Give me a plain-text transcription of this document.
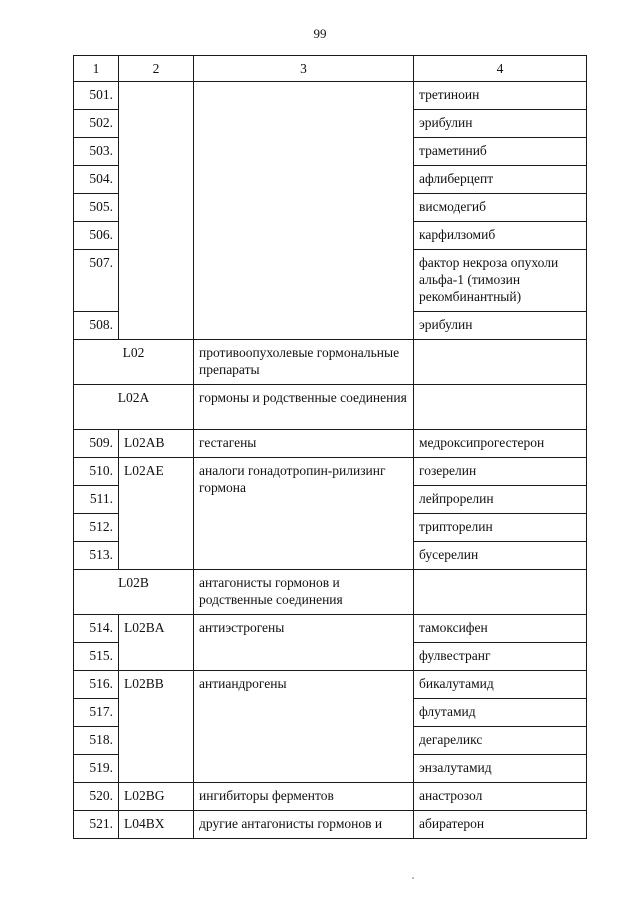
99
1	2	3	4
501.			третиноин
502.			эрибулин
503.			траметиниб
504.			афлиберцепт
505.			висмодегиб
506.			карфилзомиб
507.			фактор некроза опухоли альфа-1 (тимозин рекомбинантный)
508.			эрибулин
L02		противоопухолевые гормональные препараты	
L02A		гормоны и родственные соединения	
509.	L02AB	гестагены	медроксипрогестерон
510.	L02AE	аналоги гонадотропин-рилизинг гормона	гозерелин
511.			лейпрорелин
512.			трипторелин
513.			бусерелин
L02B		антагонисты гормонов и родственные соединения	
514.	L02BA	антиэстрогены	тамоксифен
515.			фулвестранг
516.	L02BB	антиандрогены	бикалутамид
517.			флутамид
518.			дегареликс
519.			энзалутамид
520.	L02BG	ингибиторы ферментов	анастрозол
521.	L04BX	другие антагонисты гормонов и	абиратерон
